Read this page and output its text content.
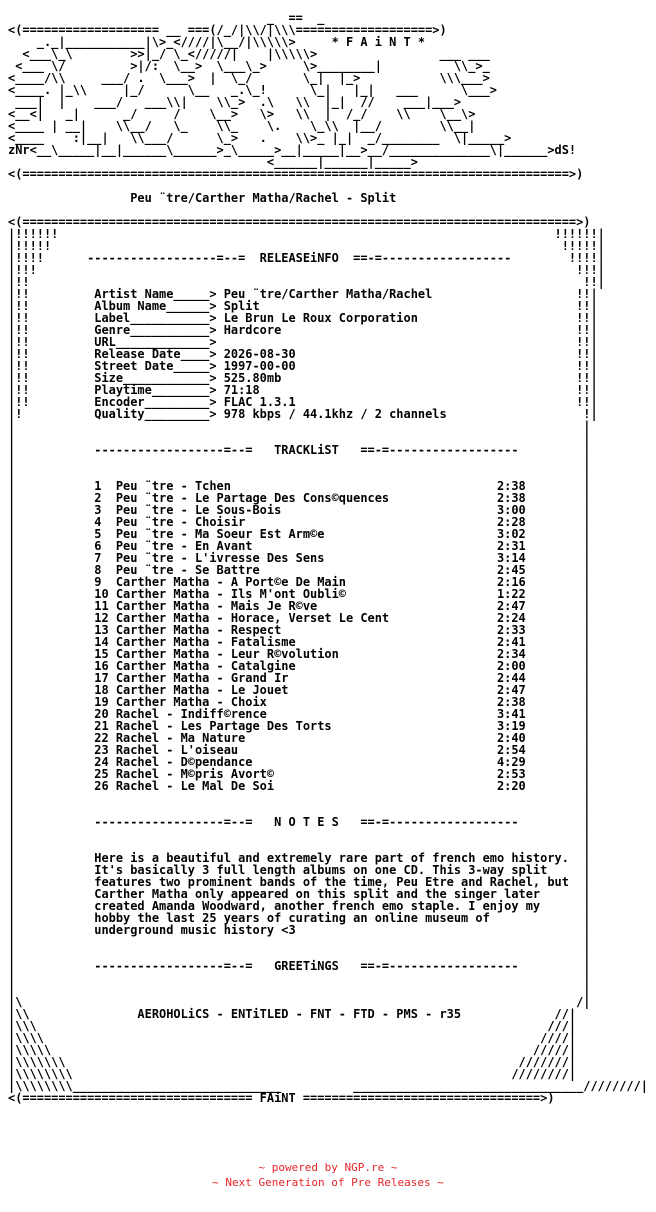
_  ==  _
<(=================== __ ===(/_/|\\/|\\\===================>)
_._|___________|\>_<////|\__/|\\\\\>     * F A i N T *
<___\_\        >>|_/ \_</////|    |\\\\\>                 ___ ___
<___ \/         >|/:  \__>  \___\_>     \>________|          \\_>_
<____/\\     ___/ .  \___>  |  \_/       \_|  |_>           \\\___>
<____. |_\\     |_/      \__   _.\_!      \_|   |_|   ___      \___>
___|  |    ___/   ___\\|    \\_>  .\   \\  |_|  //    ___|___>
<__<|   _|      _/     /    \__>   \>   \\  |  /_/    \\    \__\>
<____ | __|    \\__/   \_    \\_    \.    \_\\  |__/        \\__|
<____    :|__|   \\___/      \_>   .    \\>_ |_|  _/________  \|_____>
zNr<__\_____|__|______\______>_\_____>__|_____|__>__/______________\|______>dS!
<______|______|_____>
<(============================================================================>)

Peu ¨tre/Carther Matha/Rachel - Split

<(=============================================================================>)
|!!!!!!                                                                     !!!!!!|
|!!!!!                                                                       !!!!!|
|!!!!      ------------------=--=  RELEASEiNFO  ==-=------------------        !!!!|
|!!!                                                                           !!!|
|!!                                                                             !!|
|!!         Artist Name_____> Peu ¨tre/Carther Matha/Rachel                    !!|
|!!         Album Name______> Split                                            !!|
|!!         Label___________> Le Brun Le Roux Corporation                      !!|
|!!         Genre___________> Hardcore                                         !!|
|!!         URL_____________>                                                  !!|
|!!         Release Date____> 2026-08-30                                       !!|
|!!         Street Date_____> 1997-00-00                                       !!|
|!!         Size____________> 525.80mb                                         !!|
|!!         Playtime________> 71:18                                            !!|
|!!         Encoder_________> FLAC 1.3.1                                       !!|
|!          Quality_________> 978 kbps / 44.1khz / 2 channels                   !|
|                                                                               |
|                                                                               |
|           ------------------=--=   TRACKLiST   ==-=------------------         |
|                                                                               |
|                                                                               |
|           1  Peu ¨tre - Tchen                                     2:38        |
|           2  Peu ¨tre - Le Partage Des Cons©quences               2:38        |
|           3  Peu ¨tre - Le Sous-Bois                              3:00        |
|           4  Peu ¨tre - Choisir                                   2:28        |
|           5  Peu ¨tre - Ma Soeur Est Arm©e                        3:02        |
|           6  Peu ¨tre - En Avant                                  2:31        |
|           7  Peu ¨tre - L'ivresse Des Sens                        3:14        |
|           8  Peu ¨tre - Se Battre                                 2:45        |
|           9  Carther Matha - A Port©e De Main                     2:16        |
|           10 Carther Matha - Ils M'ont Oubli©                     1:22        |
|           11 Carther Matha - Mais Je R©ve                         2:47        |
|           12 Carther Matha - Horace, Verset Le Cent               2:24        |
|           13 Carther Matha - Respect                              2:33        |
|           14 Carther Matha - Fatalisme                            2:41        |
|           15 Carther Matha - Leur R©volution                      2:34        |
|           16 Carther Matha - Catalgine                            2:00        |
|           17 Carther Matha - Grand Ir                             2:44        |
|           18 Carther Matha - Le Jouet                             2:47        |
|           19 Carther Matha - Choix                                2:38        |
|           20 Rachel - Indiff©rence                                3:41        |
|           21 Rachel - Les Partage Des Torts                       3:19        |
|           22 Rachel - Ma Nature                                   2:40        |
|           23 Rachel - L'oiseau                                    2:54        |
|           24 Rachel - D©pendance                                  4:29        |
|           25 Rachel - M©pris Avort©                               2:53        |
|           26 Rachel - Le Mal De Soi                               2:20        |
|                                                                               |
|                                                                               |
|           ------------------=--=   N O T E S   ==-=------------------         |
|                                                                               |
|                                                                               |
|           Here is a beautiful and extremely rare part of french emo history.  |
|           It's basically 3 full length albums on one CD. This 3-way split     |
|           features two prominent bands of the time, Peu Etre and Rachel, but  |
|           Carther Matha only appeared on this split and the singer later      |
|           created Amanda Woodward, another french emo staple. I enjoy my      |
|           hobby the last 25 years of curating an online museum of             |
|           underground music history <3                                        |
|                                                                               |
|                                                                               |
|           ------------------=--=   GREETiNGS   ==-=------------------         |
|                                                                               |
|                                                                               |
|\                                                                             /|
|\\               AEROHOLiCS - ENTiTLED - FNT - FTD - PMS - r35             //|
|\\\                                                                       ///|
|\\\\                                                                     ////|
|\\\\\                                                                   /////|
|\\\\\\\                                                               ///////|
|\\\\\\\\                                                             ////////|
|\\\\\\\\_____________________________          ________________________________////////|
<(================================ FAiNT =================================>)
~ powered by NGP.re ~
~ Next Generation of Pre Releases ~
